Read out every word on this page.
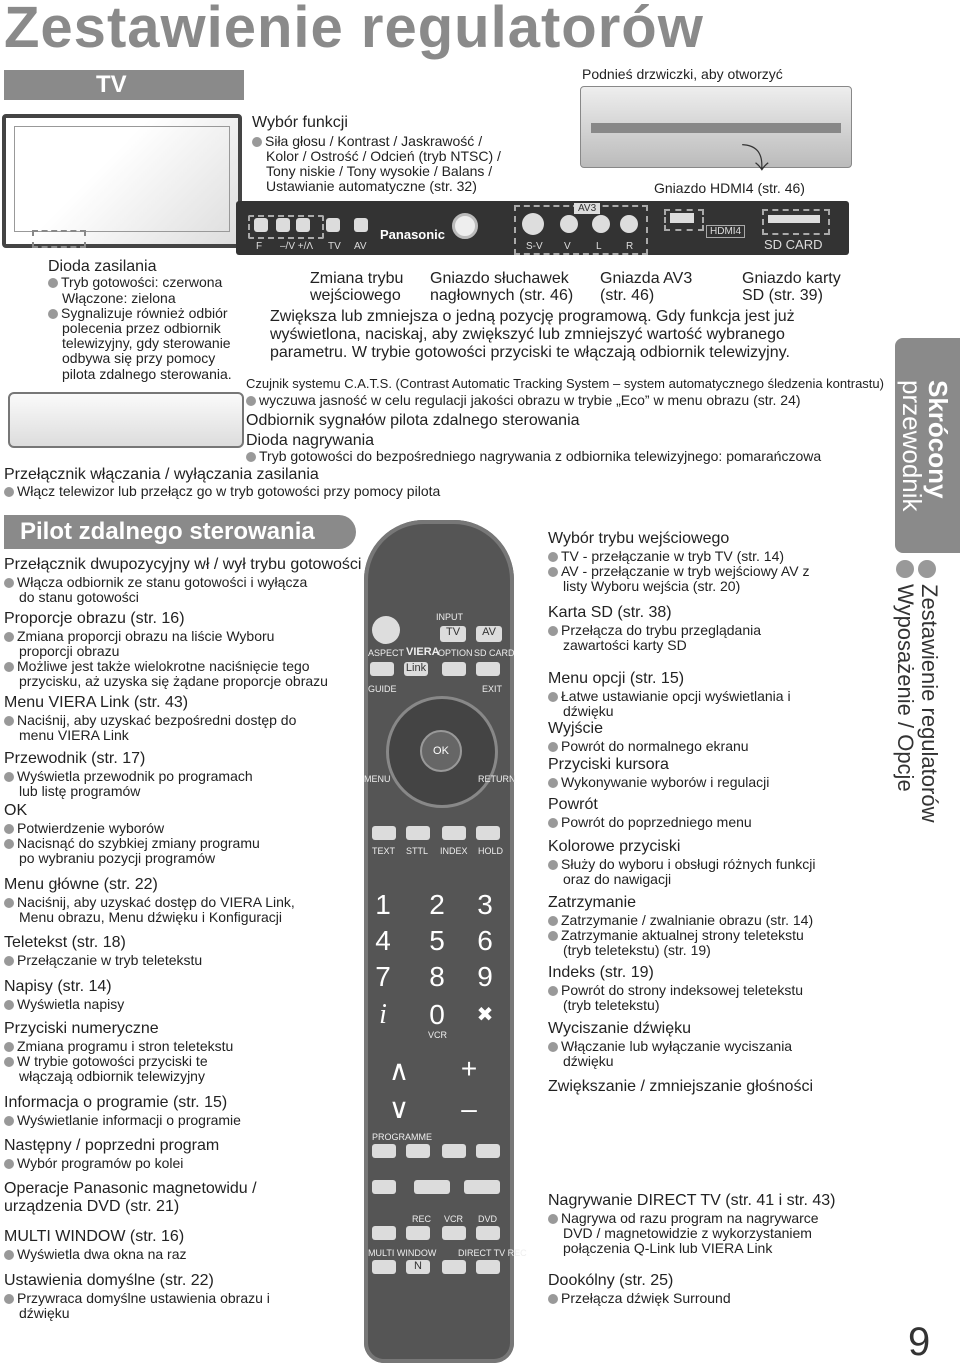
Zestawienie regulatorów
TV
Pilot zdalnego sterowania
Podnieś drzwiczki, aby otworzyć
⤵
Gniazdo HDMI4 (str. 46)
Wybór funkcji
Siła głosu / Kontrast / Jaskrawość /
Kolor / Ostrość / Odcień (tryb NTSC) /
Tony niskie / Tony wysokie / Balans /
Ustawianie automatyczne (str. 32)
F –/V +/Λ TV AV
Panasonic
S-V V	L R
AV3
HDMI4
SD CARD
Dioda zasilania
Tryb gotowości: czerwona
Włączone: zielona
Sygnalizuje również odbiór
polecenia przez odbiornik
telewizyjny, gdy sterowanie
odbywa się przy pomocy
pilota zdalnego sterowania.
Zmiana trybu
wejściowego
Gniazdo słuchawek
nagłownych (str. 46)
Gniazda AV3
(str. 46)
Gniazdo karty
SD (str. 39)
Zwiększa lub zmniejsza o jedną pozycję programową. Gdy funkcja jest już
wyświetlona, naciskaj, aby zwiększyć lub zmniejszyć wartość wybranego
parametru. W trybie gotowości przyciski te włączają odbiornik telewizyjny.
Czujnik systemu C.A.T.S. (Contrast Automatic Tracking System – system automatycznego śledzenia kontrastu)
wyczuwa jasność w celu regulacji jakości obrazu w trybie „Eco” w menu obrazu (str. 24)
Odbiornik sygnałów pilota zdalnego sterowania
Dioda nagrywania
Tryb gotowości do bezpośredniego nagrywania z odbiornika telewizyjnego: pomarańczowa
Przełącznik włączania / wyłączania zasilania
Włącz telewizor lub przełącz go w tryb gotowości przy pomocy pilota
Przełącznik dwupozycyjny wł / wył trybu gotowości
Włącza odbiornik ze stanu gotowości i wyłącza
do stanu gotowości
Proporcje obrazu (str. 16)
Zmiana proporcji obrazu na liście Wyboru
proporcji obrazu
Możliwe jest także wielokrotne naciśnięcie tego
przycisku, aż uzyska się żądane proporcje obrazu
Menu VIERA Link (str. 43)
Naciśnij, aby uzyskać bezpośredni dostęp do
menu VIERA Link
Przewodnik (str. 17)
Wyświetla przewodnik po programach
lub listę programów
OK
Potwierdzenie wyborów
Nacisnąć do szybkiej zmiany programu
po wybraniu pozycji programów
Menu główne (str. 22)
Naciśnij, aby uzyskać dostęp do VIERA Link,
Menu obrazu, Menu dźwięku i Konfiguracji
Teletekst (str. 18)
Przełączanie w tryb teletekstu
Napisy (str. 14)
Wyświetla napisy
Przyciski numeryczne
Zmiana programu i stron teletekstu
W trybie gotowości przyciski te
włączają odbiornik telewizyjny
Informacja o programie (str. 15)
Wyświetlanie informacji o programie
Następny / poprzedni program
Wybór programów po kolei
Operacje Panasonic magnetowidu /
urządzenia DVD (str. 21)
MULTI WINDOW (str. 16)
Wyświetla dwa okna na raz
Ustawienia domyślne (str. 22)
Przywraca domyślne ustawienia obrazu i
dźwięku
Wybór trybu wejściowego
TV - przełączanie w tryb TV (str. 14)
AV - przełączanie w tryb wejściowy AV z
listy Wyboru wejścia (str. 20)
Karta SD (str. 38)
Przełącza do trybu przeglądania
zawartości karty SD
Menu opcji (str. 15)
Łatwe ustawianie opcji wyświetlania i
dźwięku
Wyjście
Powrót do normalnego ekranu
Przyciski kursora
Wykonywanie wyborów i regulacji
Powrót
Powrót do poprzedniego menu
Kolorowe przyciski
Służy do wyboru i obsługi różnych funkcji
oraz do nawigacji
Zatrzymanie
Zatrzymanie / zwalnianie obrazu (str. 14)
Zatrzymanie aktualnej strony teletekstu
(tryb teletekstu) (str. 19)
Indeks (str. 19)
Powrót do strony indeksowej teletekstu
(tryb teletekstu)
Wyciszanie dźwięku
Włączanie lub wyłączanie wyciszania
dźwięku
Zwiększanie / zmniejszanie głośności
Nagrywanie DIRECT TV (str. 41 i str. 43)
Nagrywa od razu program na nagrywarce
DVD / magnetowidzie z wykorzystaniem
połączenia Q-Link lub VIERA Link
Dookólny (str. 25)
Przełącza dźwięk Surround
INPUT
TV	AV
ASPECT VIERA
OPTION SD CARD
Link
GUIDE	EXIT
OK
MENU	RETURN
TEXT STTL INDEX HOLD
1 2 3
4 5 6
7 8 9
i	0	✖
VCR
∧
∨
+
–
PROGRAMME
REC VCR DVD
MULTI WINDOW DIRECT TV REC
N
Skrócony
przewodnik
Zestawienie regulatorów
Wyposażenie / Opcje
9
